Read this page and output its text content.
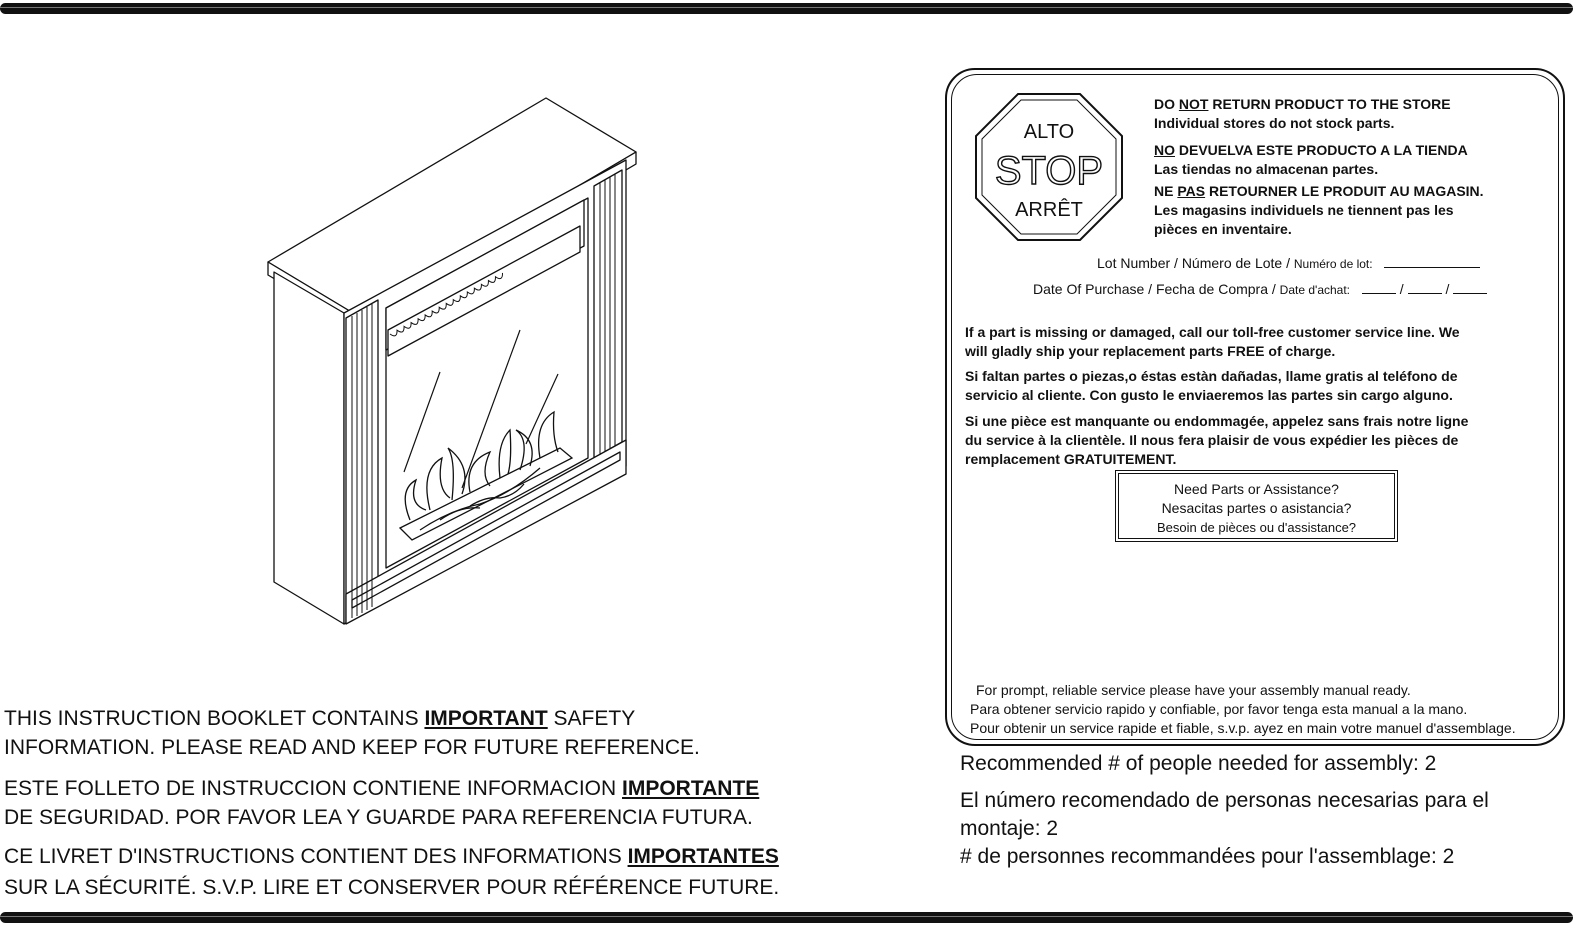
THIS INSTRUCTION BOOKLET CONTAINS IMPORTANT SAFETY
INFORMATION. PLEASE READ AND KEEP FOR FUTURE REFERENCE.
ESTE FOLLETO DE INSTRUCCION CONTIENE INFORMACION IMPORTANTE
DE SEGURIDAD. POR FAVOR LEA Y GUARDE PARA REFERENCIA FUTURA.
CE LIVRET D'INSTRUCTIONS CONTIENT DES INFORMATIONS IMPORTANTES
SUR LA SÉCURITÉ. S.V.P. LIRE ET CONSERVER POUR RÉFÉRENCE FUTURE.
ALTO
STOP
ARRÊT
DO NOT RETURN PRODUCT TO THE STORE
Individual stores do not stock parts.
NO DEVUELVA ESTE PRODUCTO A LA TIENDA
Las tiendas no almacenan partes.
NE PAS RETOURNER LE PRODUIT AU MAGASIN.
Les magasins individuels ne tiennent pas les
pièces en inventaire.
Lot Number / Número de Lote / Numéro de lot:
Date Of Purchase / Fecha de Compra / Date d'achat:	/	/
If a part is missing or damaged, call our toll-free customer service line. We
will gladly ship your replacement parts FREE of charge.
Si faltan partes o piezas,o éstas estàn dañadas, llame gratis al teléfono de
servicio al cliente. Con gusto le enviaeremos las partes sin cargo alguno.
Si une pièce est manquante ou endommagée, appelez sans frais notre ligne
du service à la clientèle. Il nous fera plaisir de vous expédier les pièces de
remplacement GRATUITEMENT.
Need Parts or Assistance?
Nesacitas partes o asistancia?
Besoin de pièces ou d'assistance?
For prompt, reliable service please have your assembly manual ready.
Para obtener servicio rapido y confiable, por favor tenga esta manual a la mano.
Pour obtenir un service rapide et fiable, s.v.p. ayez en main votre manuel d'assemblage.
Recommended # of people needed for assembly: 2
El número recomendado de personas necesarias para el
montaje: 2
# de personnes recommandées pour l'assemblage: 2
